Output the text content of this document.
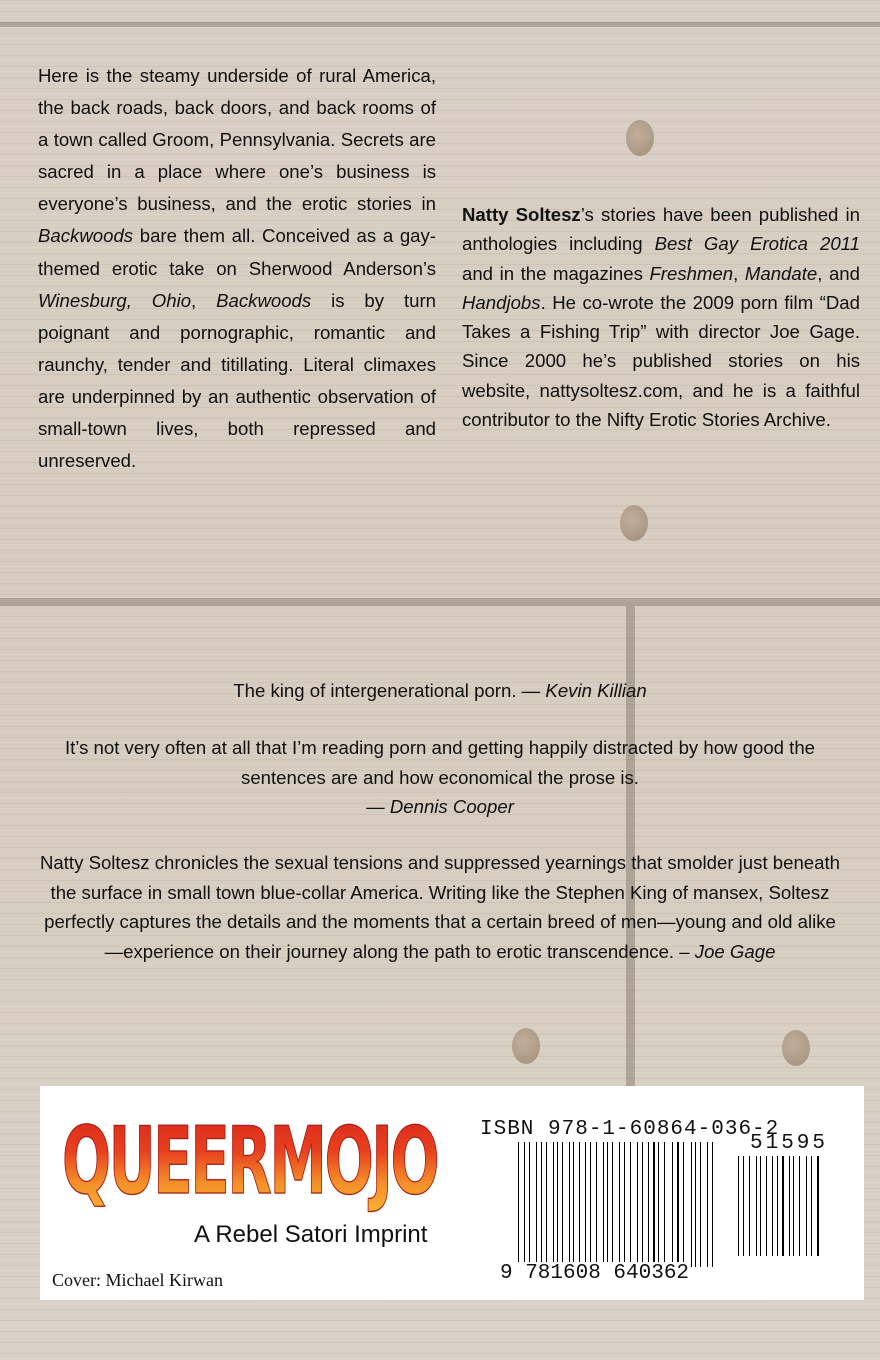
Here is the steamy underside of rural America, the back roads, back doors, and back rooms of a town called Groom, Pennsylvania. Secrets are sacred in a place where one’s business is everyone’s business, and the erotic stories in Backwoods bare them all. Conceived as a gay-themed erotic take on Sherwood Anderson’s Winesburg, Ohio, Backwoods is by turn poignant and pornographic, romantic and raunchy, tender and titillating. Literal climaxes are underpinned by an authentic observation of small-town lives, both repressed and unreserved.

Natty Soltesz’s stories have been published in anthologies including Best Gay Erotica 2011 and in the magazines Freshmen, Mandate, and Handjobs. He co-wrote the 2009 porn film “Dad Takes a Fishing Trip” with director Joe Gage. Since 2000 he’s published stories on his website, nattysoltesz.com, and he is a faithful contributor to the Nifty Erotic Stories Archive.

The king of intergenerational porn. — Kevin Killian
It’s not very often at all that I’m reading porn and getting happily distracted by how good the sentences are and how economical the prose is.
— Dennis Cooper
Natty Soltesz chronicles the sexual tensions and suppressed yearnings that smolder just beneath the surface in small town blue-collar America. Writing like the Stephen King of mansex, Soltesz perfectly captures the details and the moments that a certain breed of men—young and old alike—experience on their journey along the path to erotic transcendence. – Joe Gage
QUEERMOJO
A Rebel Satori Imprint
Cover: Michael Kirwan
ISBN 978-1-60864-036-2
51595
9 781608 640362
